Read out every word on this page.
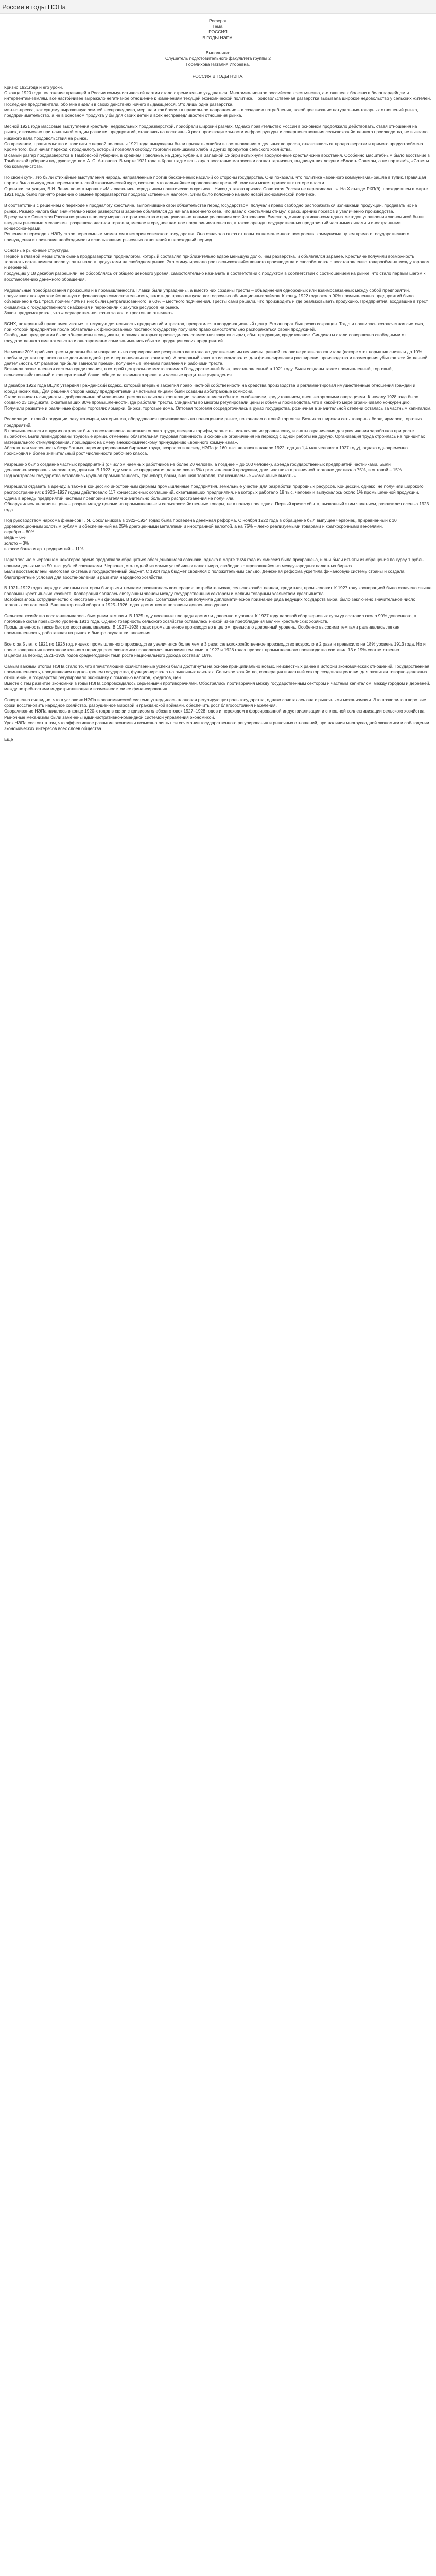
Россия в годы НЭПа
Реферат
Тема:
РОССИЯ
В ГОДЫ НЭПА.
Выполнила:
Слушатель подготовительного факультета группы 2
Горелихова Наталия Игоревна.
РОССИЯ В ГОДЫ НЭПА.
Кризис 1921года и его уроки.
С конца 1920 года положение правящей в России коммунистической партии стало стремительно ухудшаться. Многомиллионное российское крестьянство, а-стоявшее к болезни в белогвардейцам и интервентам-землям, все настойчивее выражало негативное отношение к изменениям текущей экономической политике. Продовольственная разверстка вызывала широкое недовольство у сельских жителей.
Последние представители, обо мне видели в своих действиях ничего выдающегося. Это лишь одна разверстка.
мин-на-пресса, как сущему выраженную землей несправедливо, мер, на и как бросил в правильное направление – к созданию потребления, всеобщее вязание натуральных-товарных отношений рынка, предпринимательство, а не в основном продукта у бы для своих детей и всех несправедливостей отношения рынка.
Весной 1921 года массовые выступления крестьян, недовольных продразверсткой, приобрели широкий размах. Однако правительство России в основном продолжало действовать, ставя отношения на рынок, с возможно при начальной стадии развития предприятий, становясь на постоянный рост производительности инфраструктуры и совершенствования сельскохозяйственного производства, не вызвало никакого вала продовольствия на рынке.
Со временем, правительство и политики с первой половины 1921 года вынуждены были признать ошибки в постановлении отдельных вопросов, отказавшись от продразверстки и прямого продуктообмена. Кроме того, был начат переход к продналогу, который позволял свободу торговли излишками хлеба и других продуктов сельского хозяйства.
В самый разгар продразверстки в Тамбовской губернии, в среднем Поволжье, на Дону, Кубани, в Западной Сибири вспыхнули вооруженные крестьянские восстания. Особенно масштабным было восстание в Тамбовской губернии под руководством А. С. Антонова. В марте 1921 года в Кронштадте вспыхнуло восстание матросов и солдат гарнизона, выдвинувших лозунги «Власть Советам, а не партиям!», «Советы без коммунистов!».
По своей сути, это были стихийные выступления народа, направленные против бесконечных насилий со стороны государства. Они показали, что политика «военного коммунизма» зашла в тупик. Правящая партия была вынуждена пересмотреть свой экономический курс, осознав, что дальнейшее продолжение прежней политики может привести к потере власти.
Оценивая ситуацию, В.И. Ленин констатировал: «Мы оказались перед лицом политического кризиса... Никогда такого кризиса Советская Россия не переживала...». На X съезде РКП(б), проходившем в марте 1921 года, было принято решение о замене продразверстки продовольственным налогом. Этим было положено начало новой экономической политике.
В соответствии с решением о переходе к продналогу крестьяне, выполнившие свои обязательства перед государством, получали право свободно распоряжаться излишками продукции, продавать их на рынке. Размер налога был значительно ниже разверстки и заранее объявлялся до начала весеннего сева, что давало крестьянам стимул к расширению посевов и увеличению производства.
В результате Советская Россия вступила в полосу мирного строительства с принципиально новыми условиями хозяйствования. Вместо административно-командных методов управления экономикой были введены рыночные механизмы, разрешена частная торговля, мелкое и среднее частное предпринимательство, а также аренда государственных предприятий частными лицами и иностранными концессионерами.
Решение о переходе к НЭПу стало переломным моментом в истории советского государства. Оно означало отказ от попыток немедленного построения коммунизма путем прямого государственного принуждения и признание необходимости использования рыночных отношений в переходный период.
Основные рыночные структуры.
Первой в главной меры стала смена продразверстки продналогом, который составлял приблизительно вдвое меньшую долю, чем разверстка, и объявлялся заранее. Крестьяне получили возможность торговать оставшимися после уплаты налога продуктами на свободном рынке. Это стимулировало рост сельскохозяйственного производства и способствовало восстановлению товарообмена между городом и деревней.
продукцию у 18 декабря разрешили, не обособляясь от общего ценового уровня, самостоятельно назначать в соответствии с продуктом в соответствии с соотношением на рынке, что стало первым шагом к восстановлению денежного обращения.
Радикальные преобразования произошли и в промышленности. Главки были упразднены, а вместо них созданы тресты – объединения однородных или взаимосвязанных между собой предприятий, получивших полную хозяйственную и финансовую самостоятельность, вплоть до права выпуска долгосрочных облигационных займов. К концу 1922 года около 90% промышленных предприятий было объединено в 421 трест, причем 40% из них были централизованного, а 60% – местного подчинения. Тресты сами решали, что производить и где реализовывать продукцию. Предприятия, входившие в трест, снимались с государственного снабжения и переходили к закупке ресурсов на рынке.
Закон предусматривал, что «государственная казна за долги трестов не отвечает».
ВСНХ, потерявший право вмешиваться в текущую деятельность предприятий и трестов, превратился в координационный центр. Его аппарат был резко сокращен. Тогда и появилась хозрасчетная система, при которой предприятие после обязательных фиксированных поставок государству получило право самостоятельно распоряжаться своей продукцией.
Свободные предприятия были объединены в синдикаты, в рамках которых производилась совместная закупка сырья, сбыт продукции, кредитование. Синдикаты стали совершенно свободными от государственного вмешательства и одновременно сами занимались сбытом продукции своих предприятий.
Не менее 20% прибыли тресты должны были направлять на формирование резервного капитала до достижения им величины, равной половине уставного капитала (вскоре этот норматив снизили до 10% прибыли до тех пор, пока он не достигал одной трети первоначального капитала). А резервный капитал использовался для финансирования расширения производства и возмещения убытков хозяйственной деятельности. От размера прибыли зависели премии, получаемые членами правления и рабочими треста.
Возникла разветвленная система кредитования, в которой центральное место занимал Государственный банк, восстановленный в 1921 году. Были созданы также промышленный, торговый, сельскохозяйственный и кооперативный банки, общества взаимного кредита и частные кредитные учреждения.
В декабре 1922 года ВЦИК утвердил Гражданский кодекс, который впервые закрепил право частной собственности на средства производства и регламентировал имущественные отношения граждан и юридических лиц. Для решения споров между предприятиями и частными лицами были созданы арбитражные комиссии.
Стали возникать синдикаты – добровольные объединения трестов на началах кооперации, занимавшиеся сбытом, снабжением, кредитованием, внешнеторговыми операциями. К началу 1928 года было создано 23 синдиката, охватывавших 80% промышленности, где работали тресты. Синдикаты во многом регулировали цены и объемы производства, что в какой-то мере ограничивало конкуренцию.
Получили развитие и различные формы торговли: ярмарки, биржи, торговые дома. Оптовая торговля сосредоточилась в руках государства, розничная в значительной степени осталась за частным капиталом.
Реализация готовой продукции, закупка сырья, материалов, оборудования производилась на полноценном рынке, по каналам оптовой торговли. Возникла широкая сеть товарных бирж, ярмарок, торговых предприятий.
В промышленности и других отраслях была восстановлена денежная оплата труда, введены тарифы, зарплаты, исключавшие уравниловку, и сняты ограничения для увеличения заработков при росте выработки. Были ликвидированы трудовые армии, отменены обязательная трудовая повинность и основные ограничения на переход с одной работы на другую. Организация труда строилась на принципах материального стимулирования, пришедших на смену внеэкономическому принуждению «военного коммунизма».
Абсолютная численность безработных, зарегистрированных биржами труда, возросла в период НЭПа (с 160 тыс. человек в начале 1922 года до 1,4 млн человек в 1927 году), однако одновременно происходил и более значительный рост численности рабочего класса.
Разрешено было создание частных предприятий (с числом наемных работников не более 20 человек, а позднее – до 100 человек), аренда государственных предприятий частниками. Были денационализированы мелкие предприятия. В 1923 году частные предприятия давали около 5% промышленной продукции, доля частника в розничной торговле достигала 75%, в оптовой – 15%.
Под контролем государства оставались крупная промышленность, транспорт, банки, внешняя торговля, так называемые «командные высоты».
Разрешили отдавать в аренду, а также в концессию иностранным фирмам промышленные предприятия, земельные участки для разработки природных ресурсов. Концессии, однако, не получили широкого распространения: к 1926–1927 годам действовало 117 концессионных соглашений, охватывавших предприятия, на которых работало 18 тыс. человек и выпускалось около 1% промышленной продукции. Сдача в аренду предприятий частным предпринимателям значительно большего распространения не получила.
Обнаружились «ножницы цен» – разрыв между ценами на промышленные и сельскохозяйственные товары, не в пользу последних. Первый кризис сбыта, вызванный этим явлением, разразился осенью 1923 года.
Под руководством наркома финансов Г. Я. Сокольникова в 1922–1924 годах была проведена денежная реформа. С ноября 1922 года в обращение был выпущен червонец, приравненный к 10 дореволюционным золотым рублям и обеспеченный на 25% драгоценными металлами и иностранной валютой, а на 75% – легко реализуемыми товарами и краткосрочными векселями.
серебро – 80%
медь – 6%
золото – 3%
в кассе банка и др. предприятий – 11%
Параллельно с червонцем некоторое время продолжали обращаться обесценившиеся совзнаки, однако в марте 1924 года их эмиссия была прекращена, и они были изъяты из обращения по курсу 1 рубль новыми деньгами за 50 тыс. рублей совзнаками. Червонец стал одной из самых устойчивых валют мира, свободно котировавшейся на международных валютных биржах.
Были восстановлены налоговая система и государственный бюджет. С 1924 года бюджет сводился с положительным сальдо. Денежная реформа укрепила финансовую систему страны и создала благоприятные условия для восстановления и развития народного хозяйства.
В 1921–1922 годах наряду с частным сектором быстрыми темпами развивалась кооперация: потребительская, сельскохозяйственная, кредитная, промысловая. К 1927 году кооперацией было охвачено свыше половины крестьянских хозяйств. Кооперация являлась связующим звеном между государственным сектором и мелким товарным хозяйством крестьянства.
Возобновилось сотрудничество с иностранными фирмами. В 1920-е годы Советская Россия получила дипломатическое признание ряда ведущих государств мира, было заключено значительное число торговых соглашений. Внешнеторговый оборот в 1925–1926 годах достиг почти половины довоенного уровня.
Сельское хозяйство восстанавливалось быстрыми темпами. В 1925 году посевные площади достигли довоенного уровня. К 1927 году валовой сбор зерновых культур составил около 90% довоенного, а поголовье скота превысило уровень 1913 года. Однако товарность сельского хозяйства оставалась низкой из-за преобладания мелких крестьянских хозяйств.
Промышленность также быстро восстанавливалась. В 1927–1928 годах промышленное производство в целом превысило довоенный уровень. Особенно высокими темпами развивалась легкая промышленность, работавшая на рынок и быстро окупавшая вложения.
Всего за 5 лет, с 1921 по 1926 год, индекс промышленного производства увеличился более чем в 3 раза; сельскохозяйственное производство возросло в 2 раза и превысило на 18% уровень 1913 года. Но и после завершения восстановительного периода рост экономики продолжался высокими темпами: в 1927 и 1928 годах прирост промышленного производства составил 13 и 19% соответственно.
В целом за период 1921–1928 годов среднегодовой темп роста национального дохода составил 18%.
Самым важным итогом НЭПа стало то, что впечатляющие хозяйственные успехи были достигнуты на основе принципиально новых, неизвестных ранее в истории экономических отношений. Государственная промышленность, находившаяся под контролем государства, функционировала на рыночных началах. Сельское хозяйство, кооперация и частный сектор создавали условия для развития товарно-денежных отношений, а государство регулировало экономику с помощью налогов, кредитов, цен.
Вместе с тем развитие экономики в годы НЭПа сопровождалось серьезными противоречиями. Обострялись противоречия между государственным сектором и частным капиталом, между городом и деревней, между потребностями индустриализации и возможностями ее финансирования.
Совершенно очевидно, что в условиях НЭПа в экономической системе утвердилась плановая регулирующая роль государства, однако сочеталась она с рыночными механизмами. Это позволило в короткие сроки восстановить народное хозяйство, разрушенное мировой и гражданской войнами, обеспечить рост благосостояния населения.
Сворачивание НЭПа началось в конце 1920-х годов в связи с кризисом хлебозаготовок 1927–1928 годов и переходом к форсированной индустриализации и сплошной коллективизации сельского хозяйства. Рыночные механизмы были заменены административно-командной системой управления экономикой.
Урок НЭПа состоит в том, что эффективное развитие экономики возможно лишь при сочетании государственного регулирования и рыночных отношений, при наличии многоукладной экономики и соблюдении экономических интересов всех слоев общества.
Ещё
